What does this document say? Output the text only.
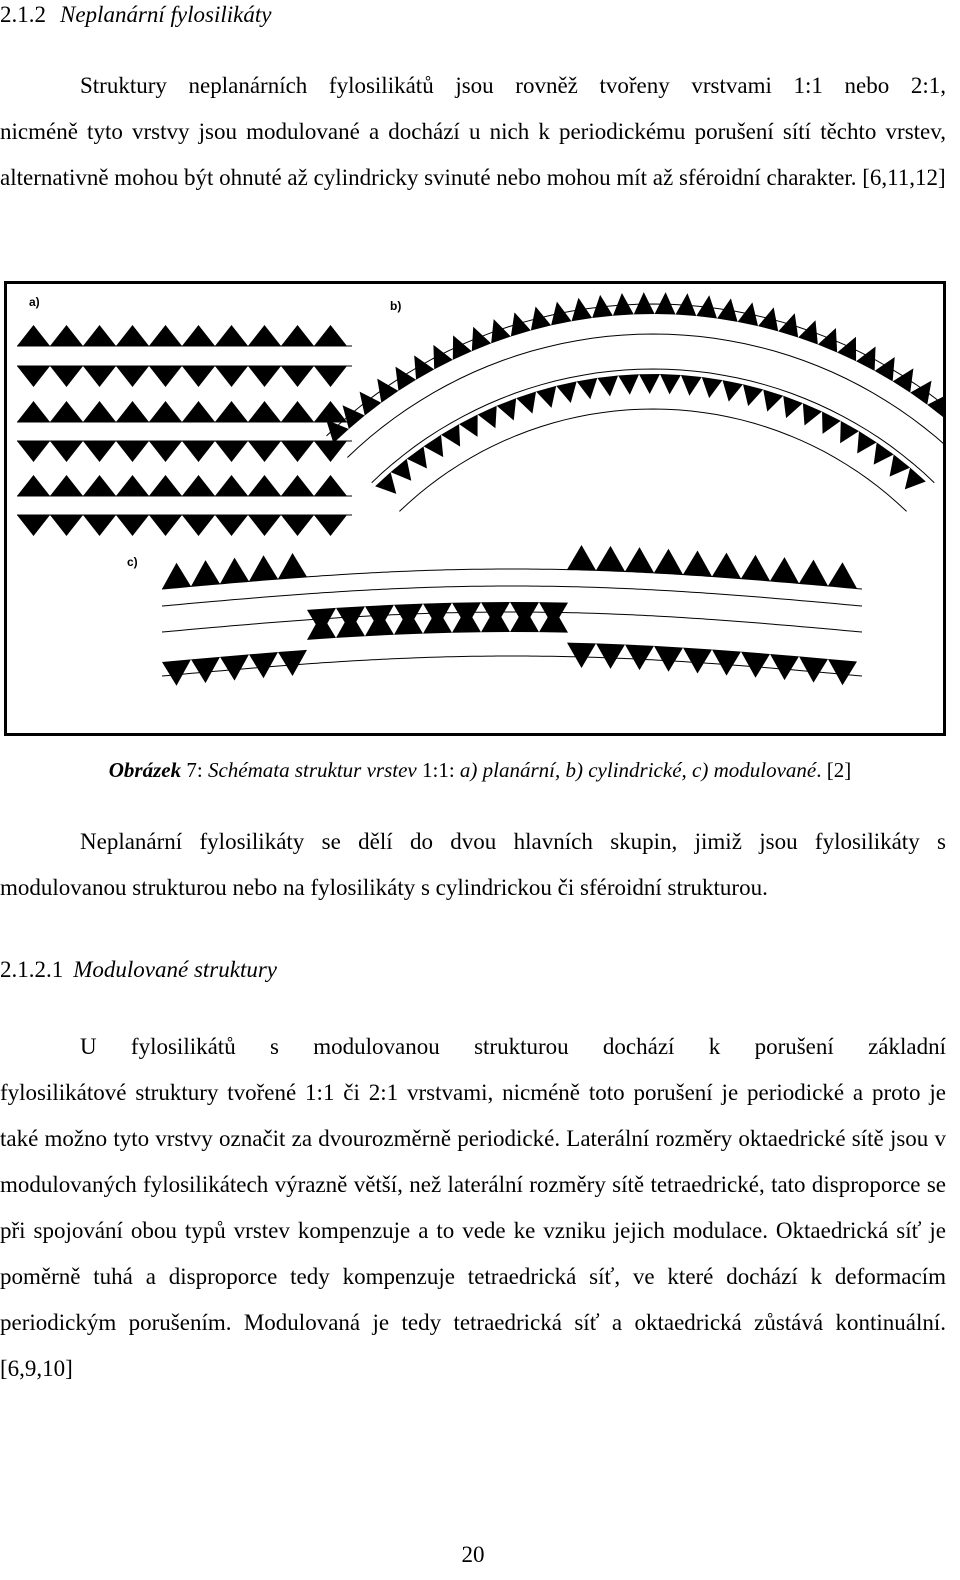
2.1.2 Neplanární fylosilikáty

Struktury neplanárních fylosilikátů jsou rovněž tvořeny vrstvami 1:1 nebo 2:1,
nicméně tyto vrstvy jsou modulované a dochází u nich k periodickému porušení sítí těchto vrstev, alternativně mohou být ohnuté až cylindricky svinuté nebo mohou mít až sféroidní charakter. [6,11,12]
a)	b)
c)
Obrázek 7: Schémata struktur vrstev 1:1: a) planární, b) cylindrické, c) modulované. [2]
Neplanární fylosilikáty se dělí do dvou hlavních skupin, jimiž jsou fylosilikáty s modulovanou strukturou nebo na fylosilikáty s cylindrickou či sféroidní strukturou.

2.1.2.1 Modulované struktury

U fylosilikátů s modulovanou strukturou dochází k porušení základní
fylosilikátové struktury tvořené 1:1 či 2:1 vrstvami, nicméně toto porušení je periodické a proto je také možno tyto vrstvy označit za dvourozměrně periodické. Laterální rozměry oktaedrické sítě jsou v modulovaných fylosilikátech výrazně větší, než laterální rozměry sítě tetraedrické, tato disproporce se při spojování obou typů vrstev kompenzuje a to vede ke vzniku jejich modulace. Oktaedrická síť je poměrně tuhá a disproporce tedy kompenzuje tetraedrická síť, ve které dochází k deformacím periodickým porušením. Modulovaná je tedy tetraedrická síť a oktaedrická zůstává kontinuální. [6,9,10]
20
